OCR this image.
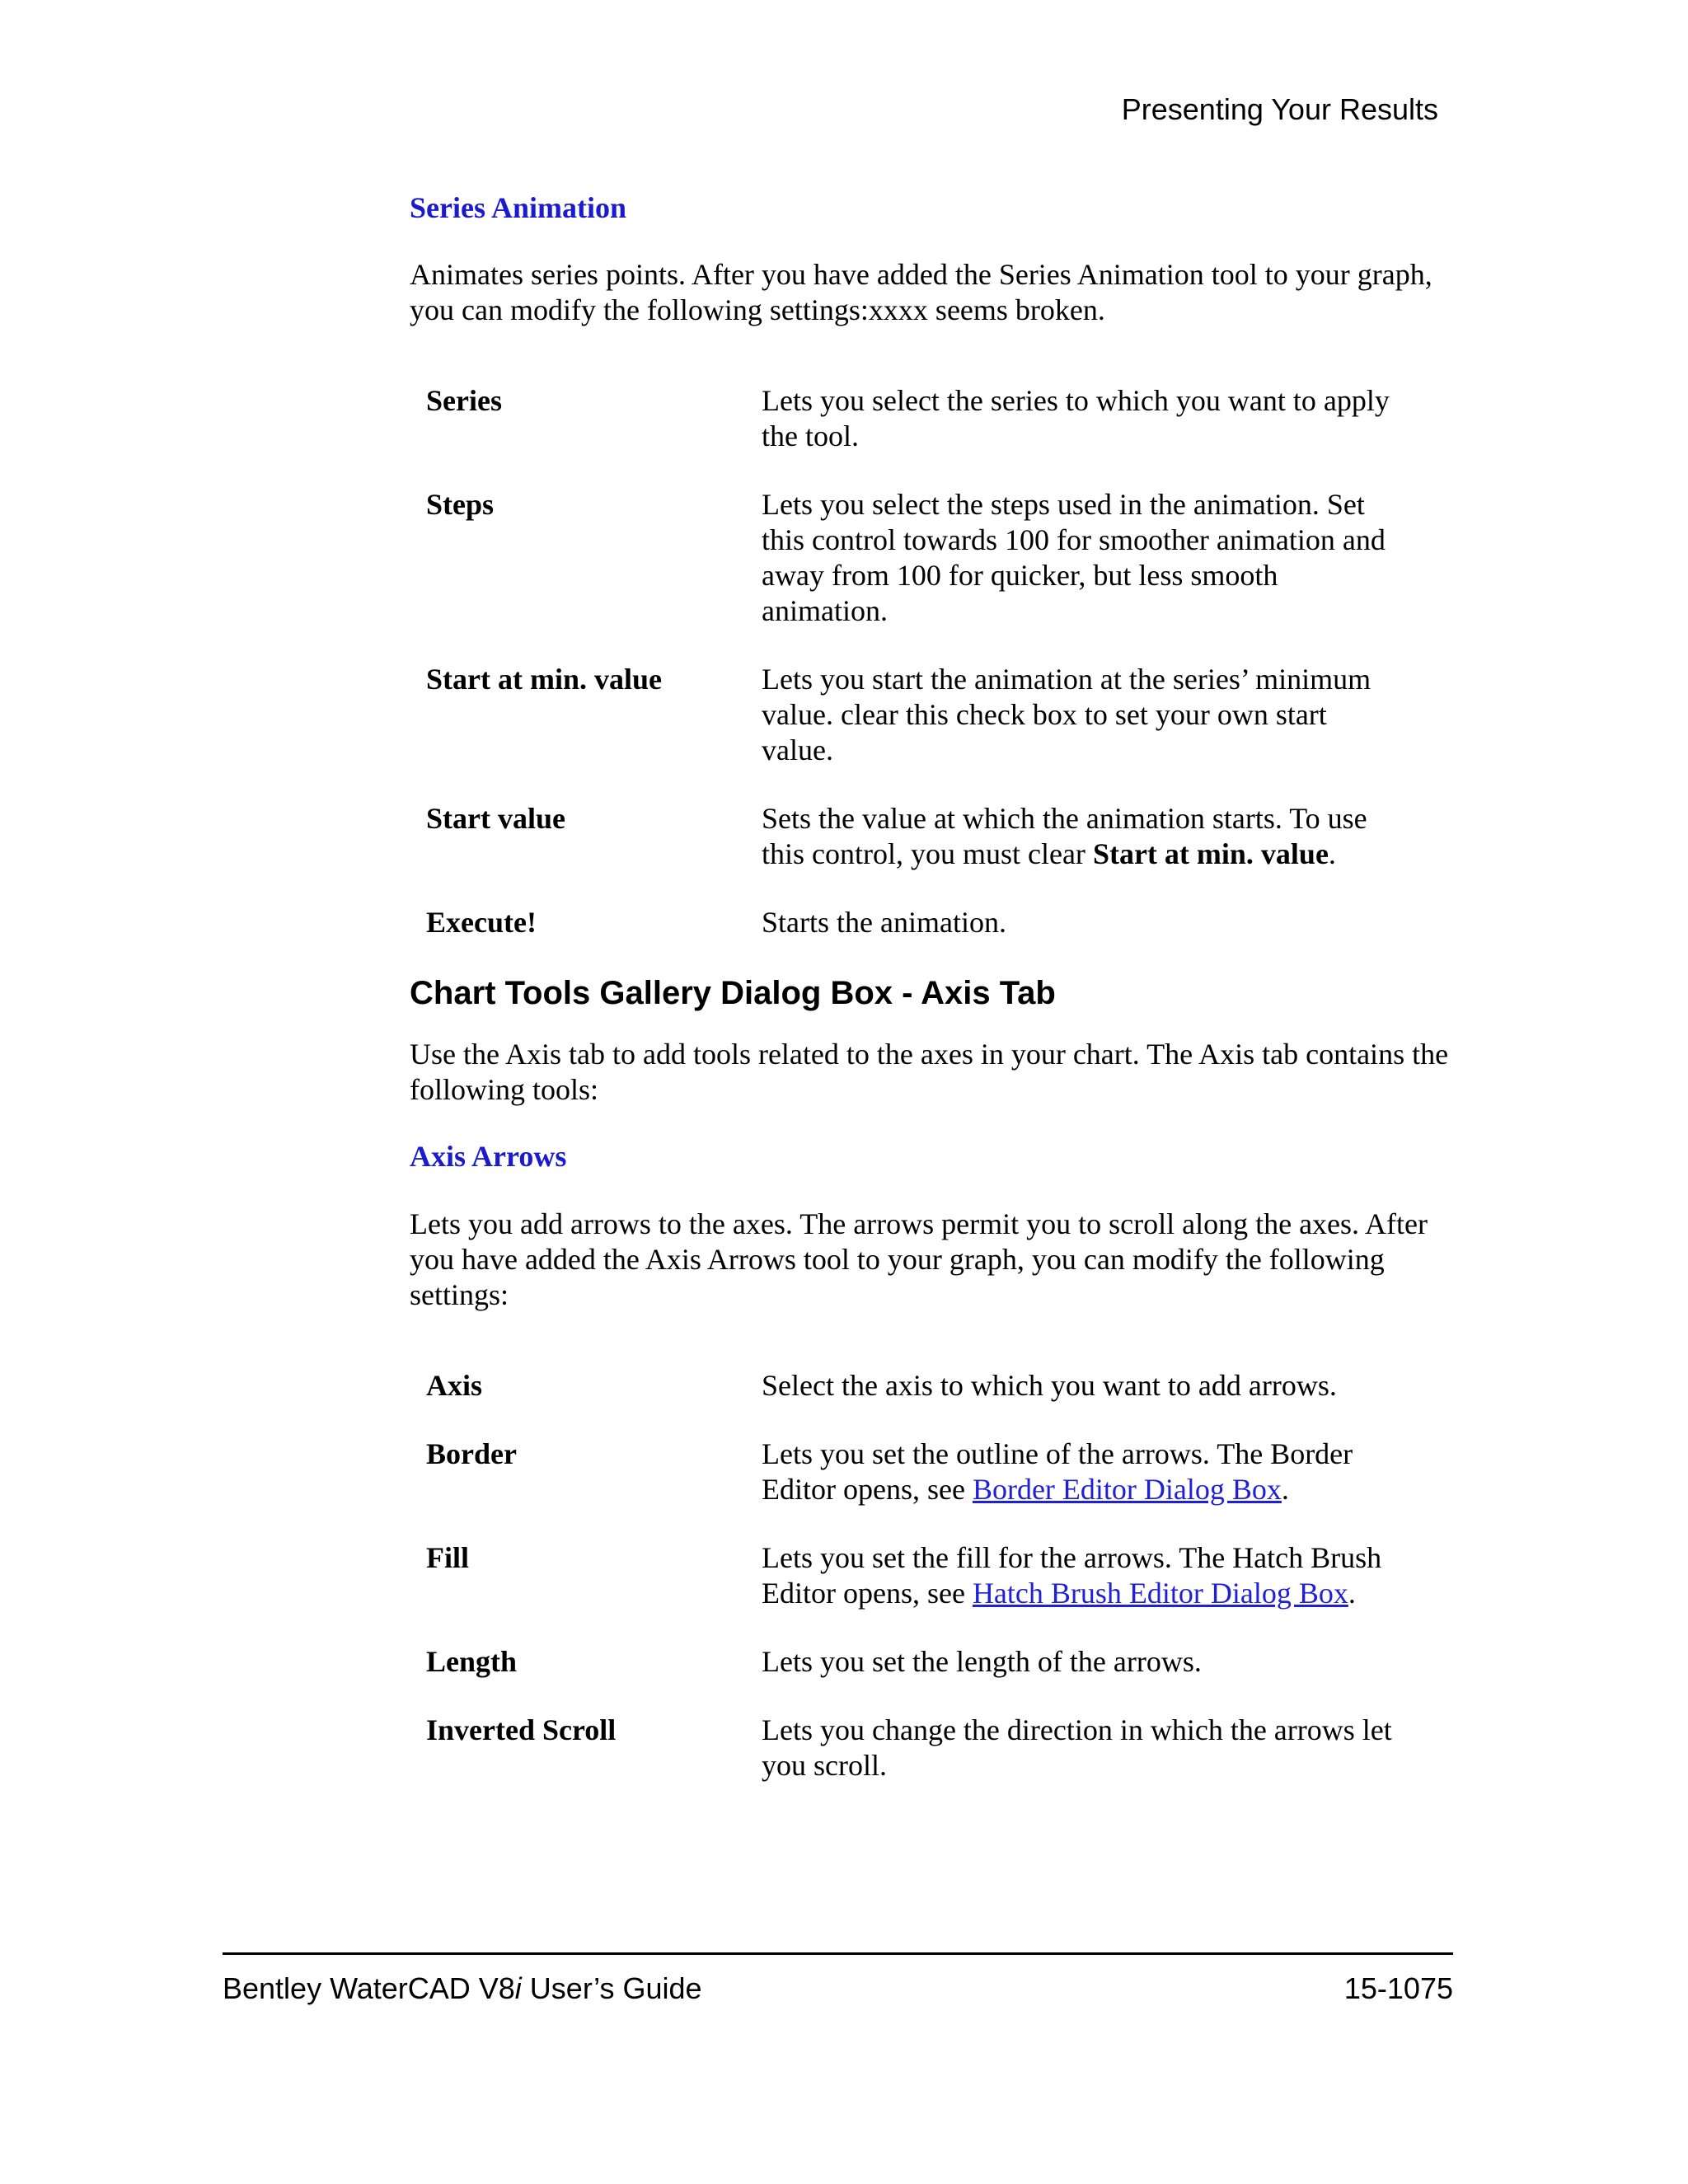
Presenting Your Results
Series Animation

Animates series points. After you have added the Series Animation tool to your graph, you can modify the following settings:xxxx seems broken.

Series	Lets you select the series to which you want to apply the tool.
Steps	Lets you select the steps used in the animation. Set this control towards 100 for smoother animation and away from 100 for quicker, but less smooth animation.
Start at min. value	Lets you start the animation at the series’ minimum value. clear this check box to set your own start value.
Start value	Sets the value at which the animation starts. To use this control, you must clear Start at min. value.
Execute!	Starts the animation.
Chart Tools Gallery Dialog Box - Axis Tab

Use the Axis tab to add tools related to the axes in your chart. The Axis tab contains the following tools:

Axis Arrows

Lets you add arrows to the axes. The arrows permit you to scroll along the axes. After you have added the Axis Arrows tool to your graph, you can modify the following settings:

Axis	Select the axis to which you want to add arrows.
Border	Lets you set the outline of the arrows. The Border Editor opens, see Border Editor Dialog Box.
Fill	Lets you set the fill for the arrows. The Hatch Brush Editor opens, see Hatch Brush Editor Dialog Box.
Length	Lets you set the length of the arrows.
Inverted Scroll	Lets you change the direction in which the arrows let you scroll.
Bentley WaterCAD V8i User’s Guide	15-1075
